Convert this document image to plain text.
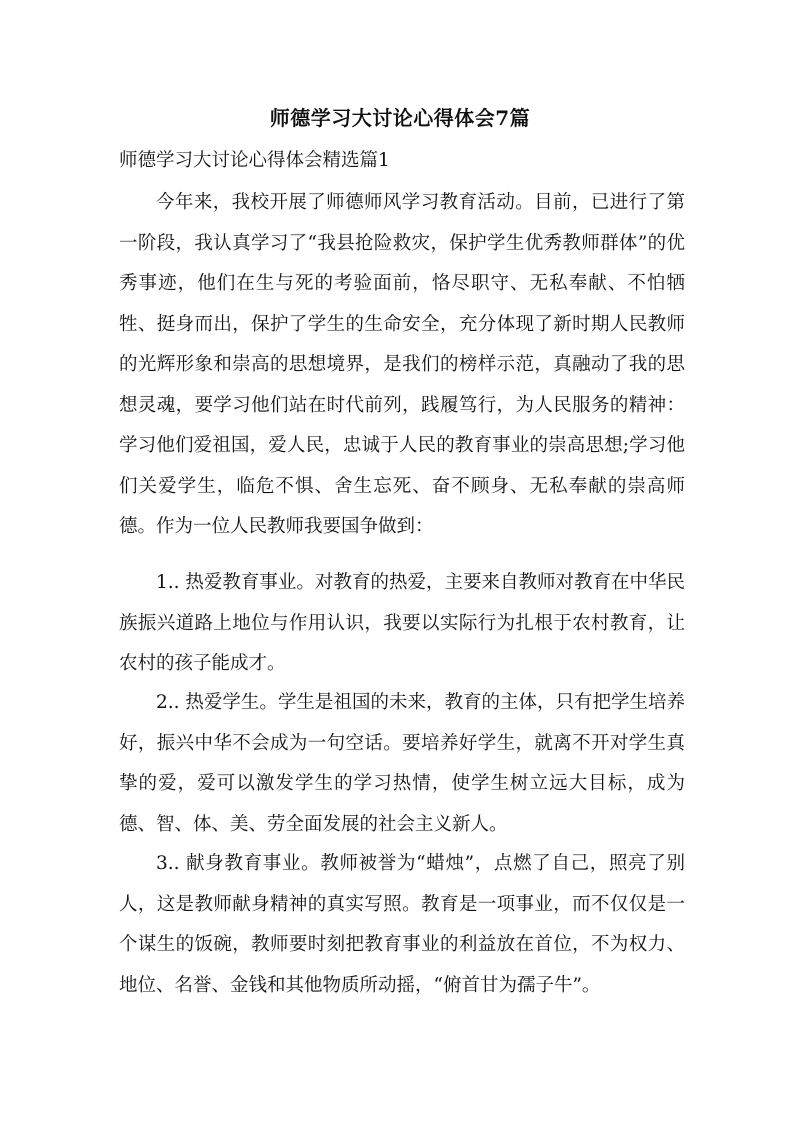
师德学习大讨论心得体会7篇
师德学习大讨论心得体会精选篇1

今年来，我校开展了师德师风学习教育活动。目前，已进行了第一阶段，我认真学习了“我县抢险救灾，保护学生优秀教师群体”的优秀事迹，他们在生与死的考验面前，恪尽职守、无私奉献、不怕牺牲、挺身而出，保护了学生的生命安全，充分体现了新时期人民教师的光辉形象和崇高的思想境界，是我们的榜样示范，真融动了我的思想灵魂，要学习他们站在时代前列，践履笃行，为人民服务的精神：学习他们爱祖国，爱人民，忠诚于人民的教育事业的崇高思想;学习他们关爱学生，临危不惧、舍生忘死、奋不顾身、无私奉献的崇高师德。作为一位人民教师我要国争做到：

1.. 热爱教育事业。对教育的热爱，主要来自教师对教育在中华民族振兴道路上地位与作用认识，我要以实际行为扎根于农村教育，让农村的孩子能成才。

2.. 热爱学生。学生是祖国的未来，教育的主体，只有把学生培养好，振兴中华不会成为一句空话。要培养好学生，就离不开对学生真挚的爱，爱可以激发学生的学习热情，使学生树立远大目标，成为德、智、体、美、劳全面发展的社会主义新人。

3.. 献身教育事业。教师被誉为“蜡烛”，点燃了自己，照亮了别人，这是教师献身精神的真实写照。教育是一项事业，而不仅仅是一个谋生的饭碗，教师要时刻把教育事业的利益放在首位，不为权力、地位、名誉、金钱和其他物质所动摇，“俯首甘为孺子牛”。
